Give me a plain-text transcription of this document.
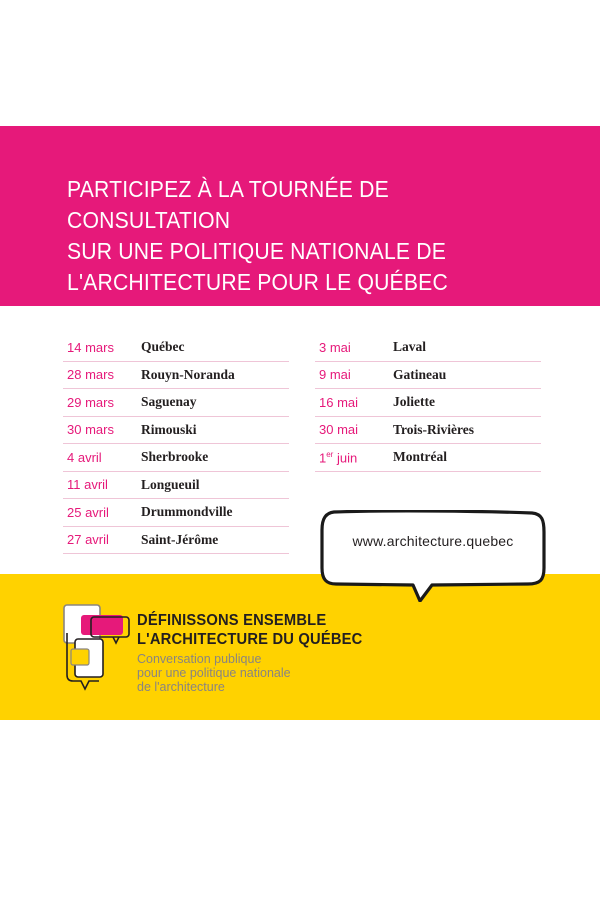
PARTICIPEZ À LA TOURNÉE DE CONSULTATION
SUR UNE POLITIQUE NATIONALE DE
L'ARCHITECTURE POUR LE QUÉBEC
14 mars Québec
28 mars Rouyn-Noranda
29 mars Saguenay
30 mars Rimouski
4 avril	Sherbrooke
11 avril Longueuil
25 avril Drummondville
27 avril Saint-Jérôme
3 mai	Laval
9 mai	Gatineau
16 mai	Joliette
30 mai	Trois-Rivières
1er juin	Montréal
www.architecture.quebec
DÉFINISSONS ENSEMBLE
L'ARCHITECTURE DU QUÉBEC
Conversation publique
pour une politique nationale
de l'architecture
